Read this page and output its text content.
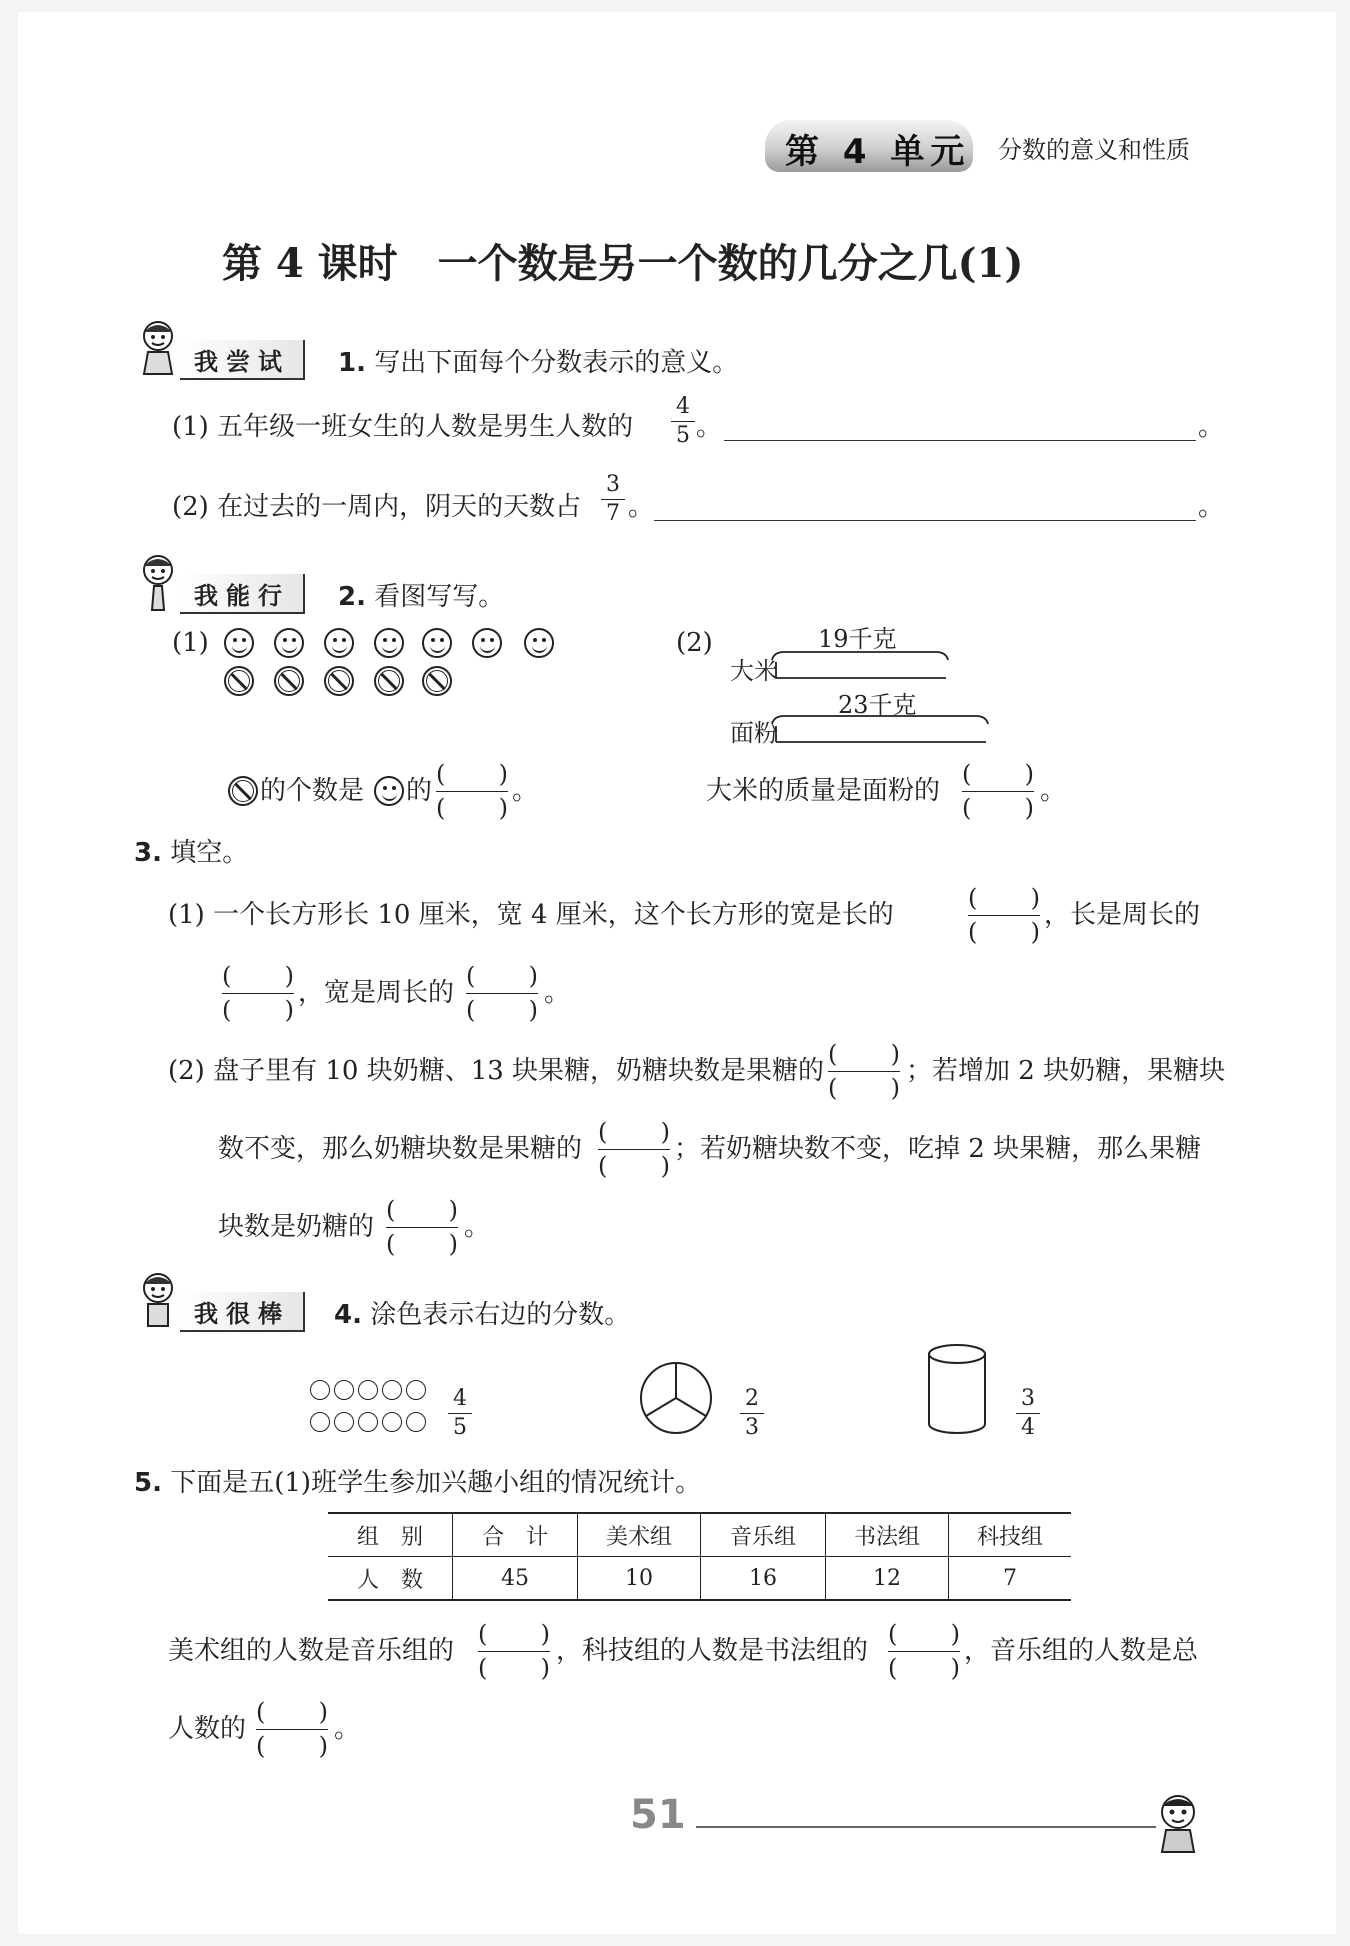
第 4 单元 分数的意义和性质
第 4 课时　一个数是另一个数的几分之几(1)
我尝试	1. 写出下面每个分数表示的意义。
(1) 五年级一班女生的人数是男生人数的
4
5 。	。
(2) 在过去的一周内，阴天的天数占
3
7 。	。
我能行	2. 看图写写。
(1)
的个数是 的
( )
( )
。
(2)	19千克
大米
23千克
面粉
大米的质量是面粉的
( )
( )
。
3. 填空。
(1) 一个长方形长 10 厘米，宽 4 厘米，这个长方形的宽是长的
( )
( )
，长是周长的
( )
( )
，宽是周长的
( )
( )
。
(2) 盘子里有 10 块奶糖、13 块果糖，奶糖块数是果糖的
( )
( )
；若增加 2 块奶糖，果糖块
数不变，那么奶糖块数是果糖的
( )
( )
；若奶糖块数不变，吃掉 2 块果糖，那么果糖
块数是奶糖的
( )
( )
。
我很棒	4. 涂色表示右边的分数。
4
5
2
3
3
4
5. 下面是五(1)班学生参加兴趣小组的情况统计。
组　别	合　计	美术组	音乐组	书法组	科技组
人　数	45	10	16	12	7
美术组的人数是音乐组的
( )
( )
，科技组的人数是书法组的
( )
( )
，音乐组的人数是总
人数的
( )
( )
。
51
